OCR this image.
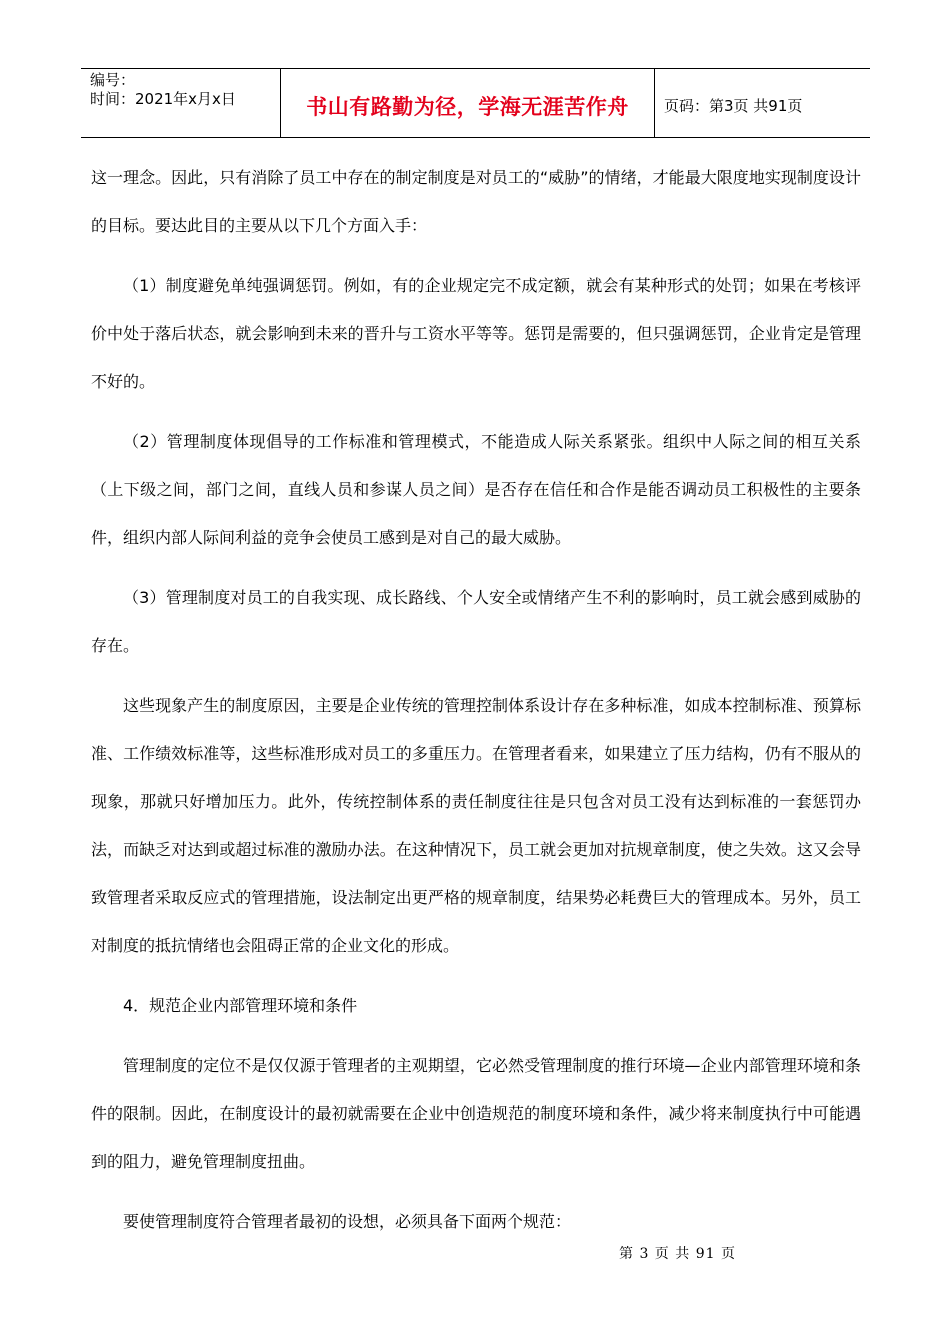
编号：
时间：2021年x月x日	书山有路勤为径，学海无涯苦作舟	页码：第3页 共91页

这一理念。因此，只有消除了员工中存在的制定制度是对员工的“威胁”的情绪，才能最大限度地实现制度设计的目标。要达此目的主要从以下几个方面入手：

（1）制度避免单纯强调惩罚。例如，有的企业规定完不成定额，就会有某种形式的处罚；如果在考核评价中处于落后状态，就会影响到未来的晋升与工资水平等等。惩罚是需要的，但只强调惩罚，企业肯定是管理不好的。

（2）管理制度体现倡导的工作标准和管理模式，不能造成人际关系紧张。组织中人际之间的相互关系（上下级之间，部门之间，直线人员和参谋人员之间）是否存在信任和合作是能否调动员工积极性的主要条件，组织内部人际间利益的竞争会使员工感到是对自己的最大威胁。

（3）管理制度对员工的自我实现、成长路线、个人安全或情绪产生不利的影响时，员工就会感到威胁的存在。

这些现象产生的制度原因，主要是企业传统的管理控制体系设计存在多种标准，如成本控制标准、预算标准、工作绩效标准等，这些标准形成对员工的多重压力。在管理者看来，如果建立了压力结构，仍有不服从的现象，那就只好增加压力。此外，传统控制体系的责任制度往往是只包含对员工没有达到标准的一套惩罚办法，而缺乏对达到或超过标准的激励办法。在这种情况下，员工就会更加对抗规章制度，使之失效。这又会导致管理者采取反应式的管理措施，设法制定出更严格的规章制度，结果势必耗费巨大的管理成本。另外，员工对制度的抵抗情绪也会阻碍正常的企业文化的形成。

4．规范企业内部管理环境和条件

管理制度的定位不是仅仅源于管理者的主观期望，它必然受管理制度的推行环境—企业内部管理环境和条件的限制。因此，在制度设计的最初就需要在企业中创造规范的制度环境和条件，减少将来制度执行中可能遇到的阻力，避免管理制度扭曲。

要使管理制度符合管理者最初的设想，必须具备下面两个规范：

第 3 页 共 91 页
